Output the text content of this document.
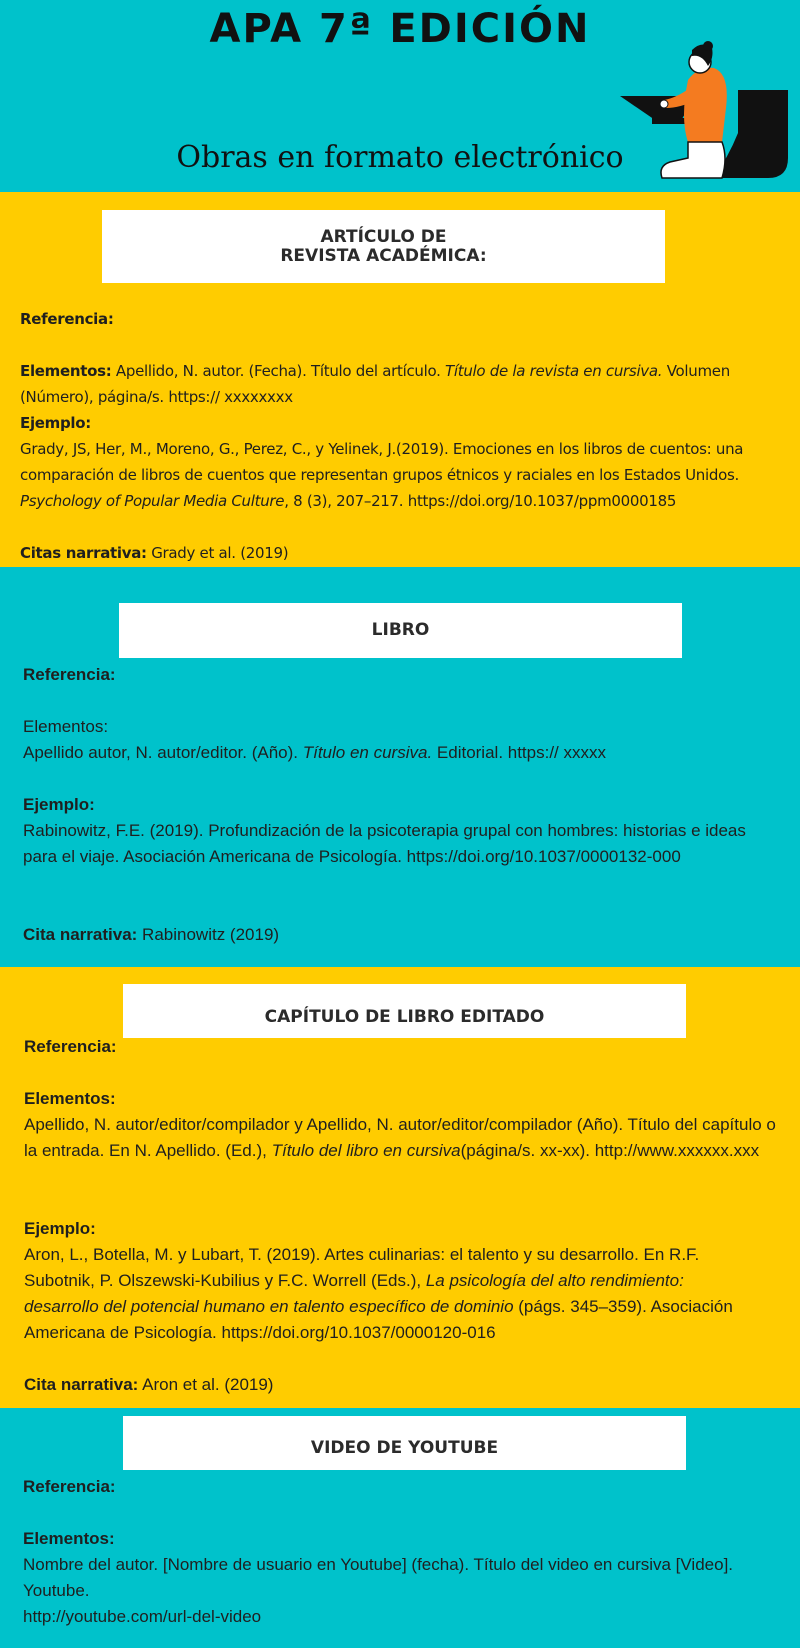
APA 7ª EDICIÓN
Obras en formato electrónico
ARTÍCULO DE
REVISTA ACADÉMICA:
Referencia:
Elementos: Apellido, N. autor. (Fecha). Título del artículo. Título de la revista en cursiva. Volumen (Número), página/s. https:// xxxxxxxx
Ejemplo:
Grady, JS, Her, M., Moreno, G., Perez, C., y Yelinek, J.(2019). Emociones en los libros de cuentos: una comparación de libros de cuentos que representan grupos étnicos y raciales en los Estados Unidos. Psychology of Popular Media Culture, 8 (3), 207–217. https://doi.org/10.1037/ppm0000185
Citas narrativa: Grady et al. (2019)
LIBRO
Referencia:
Elementos:
Apellido autor, N. autor/editor. (Año). Título en cursiva. Editorial. https:// xxxxx
Ejemplo:
Rabinowitz, F.E. (2019). Profundización de la psicoterapia grupal con hombres: historias e ideas para el viaje. Asociación Americana de Psicología. https://doi.org/10.1037/0000132-000
Cita narrativa: Rabinowitz (2019)
CAPÍTULO DE LIBRO EDITADO
Referencia:
Elementos:
Apellido, N. autor/editor/compilador y Apellido, N. autor/editor/compilador (Año). Título del capítulo o la entrada. En N. Apellido. (Ed.), Título del libro en cursiva(página/s. xx-xx). http://www.xxxxxx.xxx
Ejemplo:
Aron, L., Botella, M. y Lubart, T. (2019). Artes culinarias: el talento y su desarrollo. En R.F. Subotnik, P. Olszewski-Kubilius y F.C. Worrell (Eds.), La psicología del alto rendimiento: desarrollo del potencial humano en talento específico de dominio (págs. 345–359). Asociación Americana de Psicología. https://doi.org/10.1037/0000120-016
Cita narrativa: Aron et al. (2019)
VIDEO DE YOUTUBE
Referencia:
Elementos:
Nombre del autor. [Nombre de usuario en Youtube] (fecha). Título del video en cursiva [Video]. Youtube.
http://youtube.com/url-del-video
